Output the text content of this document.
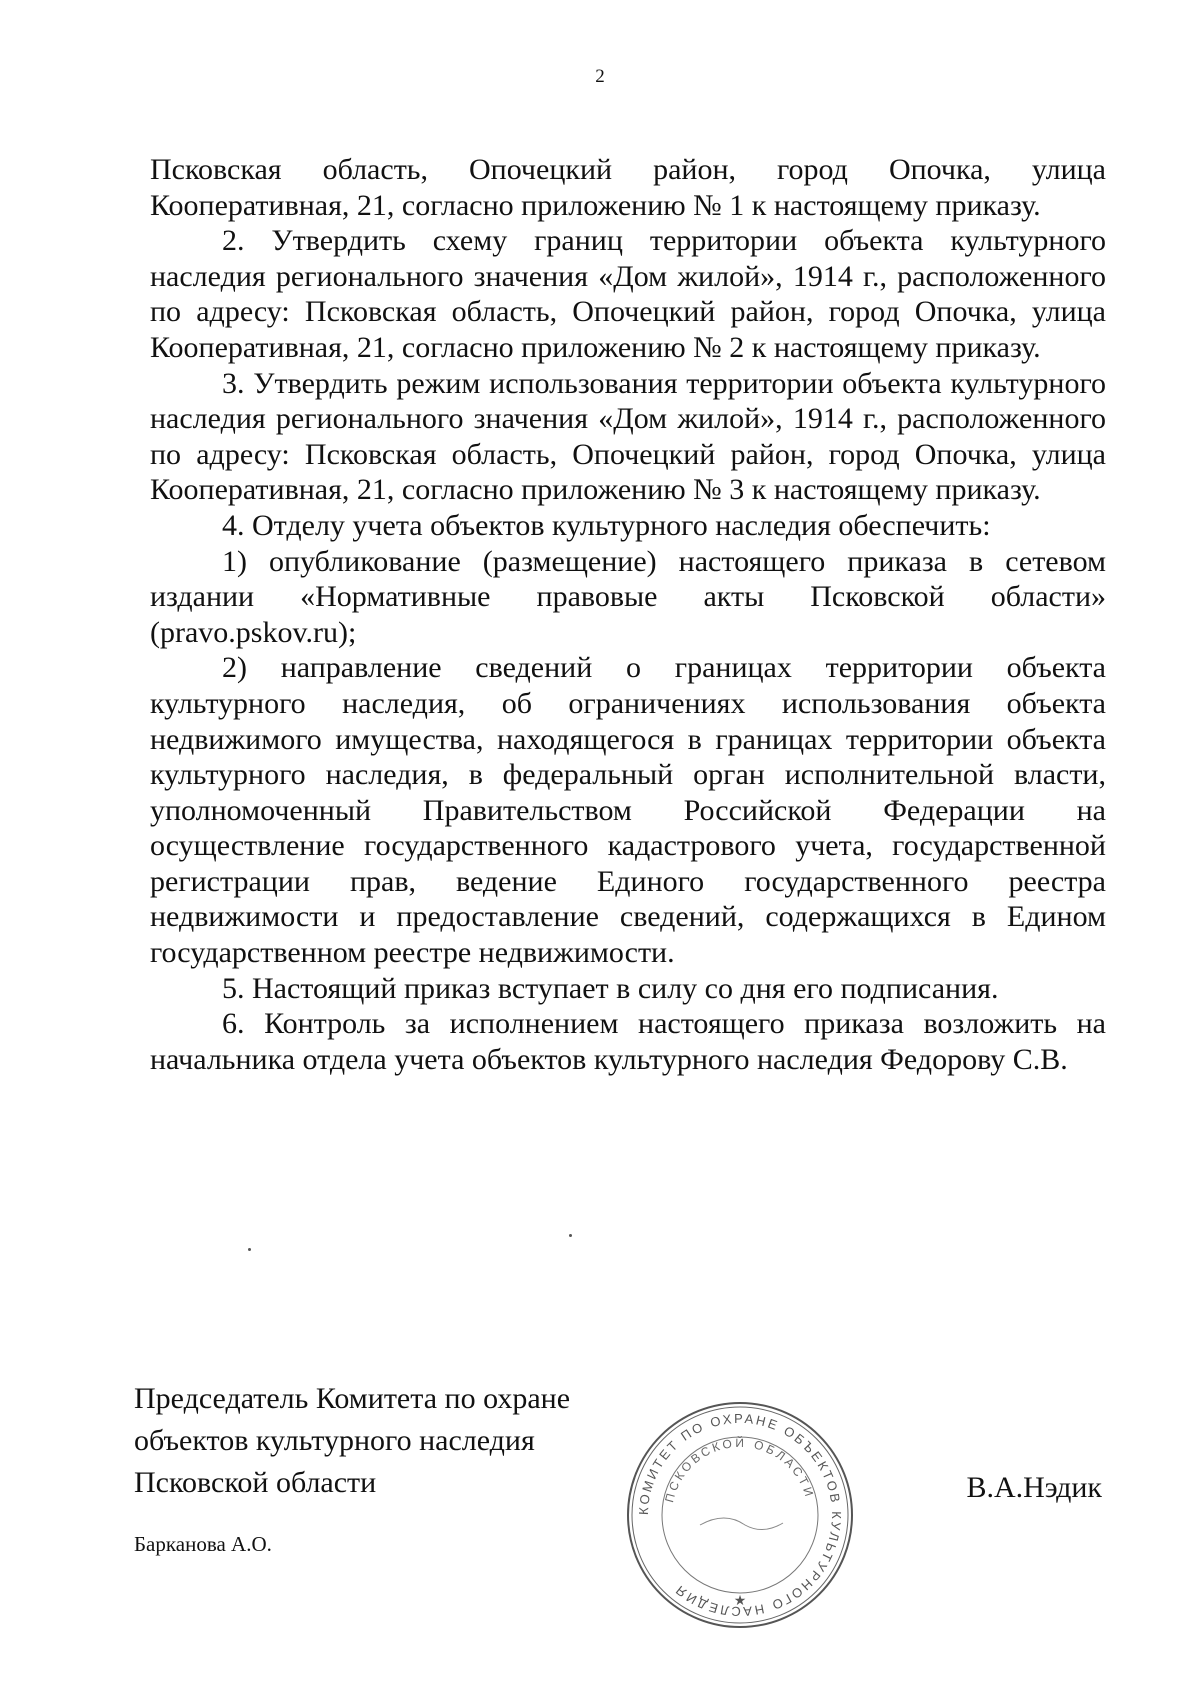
2

Псковская область, Опочецкий район, город Опочка, улица Кооперативная, 21, согласно приложению № 1 к настоящему приказу.

2. Утвердить схему границ территории объекта культурного наследия регионального значения «Дом жилой», 1914 г., расположенного по адресу: Псковская область, Опочецкий район, город Опочка, улица Кооперативная, 21, согласно приложению № 2 к настоящему приказу.

3. Утвердить режим использования территории объекта культурного наследия регионального значения «Дом жилой», 1914 г., расположенного по адресу: Псковская область, Опочецкий район, город Опочка, улица Кооперативная, 21, согласно приложению № 3 к настоящему приказу.

4. Отделу учета объектов культурного наследия обеспечить:

1) опубликование (размещение) настоящего приказа в сетевом издании «Нормативные правовые акты Псковской области» (pravo.pskov.ru);

2) направление сведений о границах территории объекта культурного наследия, об ограничениях использования объекта недвижимого имущества, находящегося в границах территории объекта культурного наследия, в федеральный орган исполнительной власти, уполномоченный Правительством Российской Федерации на осуществление государственного кадастрового учета, государственной регистрации прав, ведение Единого государственного реестра недвижимости и предоставление сведений, содержащихся в Едином государственном реестре недвижимости.

5. Настоящий приказ вступает в силу со дня его подписания.

6. Контроль за исполнением настоящего приказа возложить на начальника отдела учета объектов культурного наследия Федорову С.В.

Председатель Комитета по охране
объектов культурного наследия
Псковской области
КОМИТЕТ ПО ОХРАНЕ ОБЪЕКТОВ КУЛЬТУРНОГО НАСЛЕДИЯ
ПСКОВСКОЙ ОБЛАСТИ
★
В.А.Нэдик
Барканова А.О.
